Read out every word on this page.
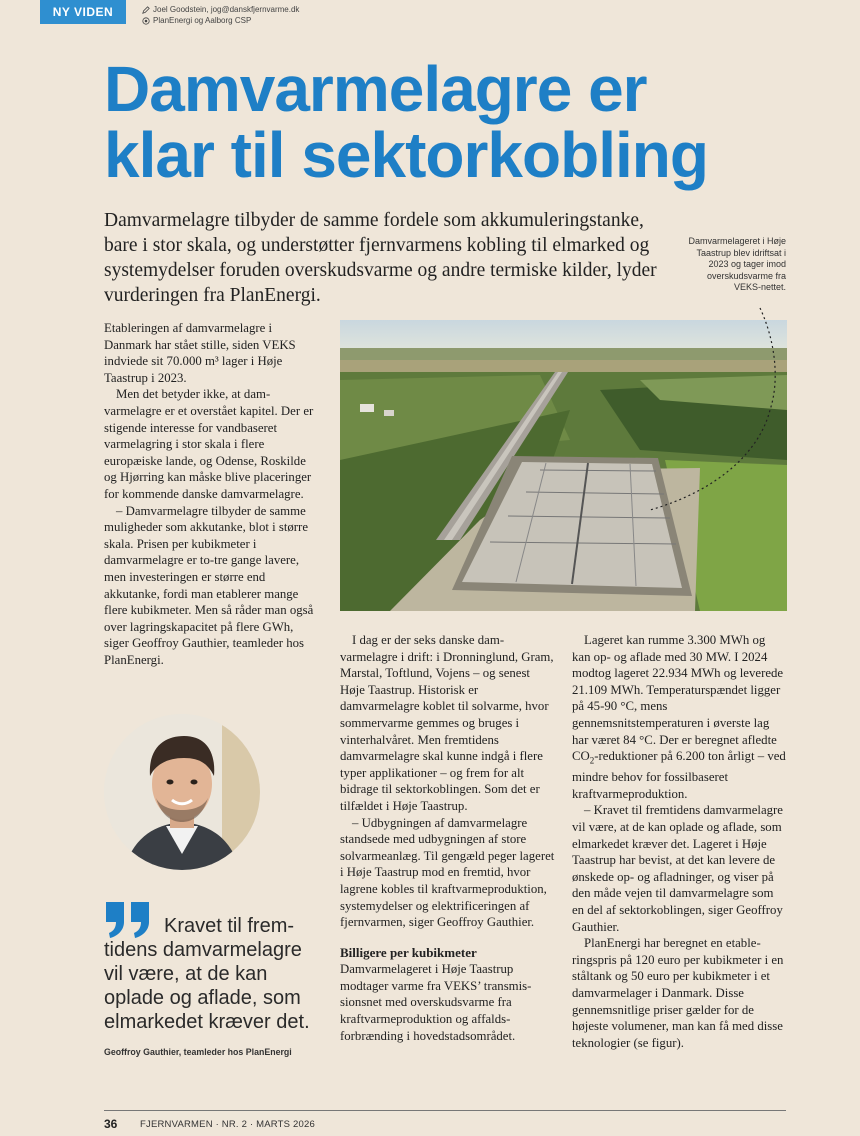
NY VIDEN	Joel Goodstein, jog@danskfjernvarme.dk
PlanEnergi og Aalborg CSP
Damvarmelagre er
klar til sektorkobling

Damvarmelagre tilbyder de samme fordele som akkumuleringstanke, bare i stor skala, og understøtter fjernvarmens kobling til elmarked og systemydelser foruden overskudsvarme og andre termiske kilder, lyder vurderingen fra PlanEnergi.

Damvarmelageret i Høje Taastrup blev idriftsat i 2023 og tager imod overskudsvarme fra VEKS-nettet.

Etableringen af damvarmelagre i Danmark har stået stille, siden VEKS indviede sit 70.000 m³ lager i Høje Taastrup i 2023.

Men det betyder ikke, at damvarmelagre er et overstået kapitel. Der er stigende interesse for vandbaseret varmelagring i stor skala i flere europæiske lande, og Odense, Roskilde og Hjørring kan måske blive placeringer for kommende danske damvarmelagre.

– Damvarmelagre tilbyder de samme muligheder som akkutanke, blot i større skala. Prisen per kubikmeter i damvarmelagre er to-tre gange lavere, men investeringen er større end akkutanke, fordi man etablerer mange flere kubikmeter. Men så råder man også over lagringskapacitet på flere GWh, siger Geoffroy Gauthier, teamleder hos PlanEnergi.

Kravet til frem- tidens damvarmelagre vil være, at de kan oplade og aflade, som elmarkedet kræver det.

Geoffroy Gauthier, teamleder hos PlanEnergi

I dag er der seks danske damvarmelagre i drift: i Dronninglund, Gram, Marstal, Toftlund, Vojens – og senest Høje Taastrup. Historisk er damvarmelagre koblet til solvarme, hvor sommervarme gemmes og bruges i vinterhalvåret. Men fremtidens damvarmelagre skal kunne indgå i flere typer applikationer – og frem for alt bidrage til sektorkoblingen. Som det er tilfældet i Høje Taastrup.

– Udbygningen af damvarmelagre standsede med udbygningen af store solvarmeanlæg. Til gengæld peger lageret i Høje Taastrup mod en fremtid, hvor lagrene kobles til kraftvarmeproduktion, systemydelser og elektrificeringen af fjernvarmen, siger Geoffroy Gauthier.

Billigere per kubikmeter

Damvarmelageret i Høje Taastrup modtager varme fra VEKS’ transmissionsnet med overskudsvarme fra kraftvarmeproduktion og affaldsforbrænding i hovedstadsområdet.

Lageret kan rumme 3.300 MWh og kan op- og aflade med 30 MW. I 2024 modtog lageret 22.934 MWh og leverede 21.109 MWh. Temperaturspændet ligger på 45-90 °C, mens gennemsnitstemperaturen i øverste lag har været 84 °C. Der er beregnet afledte $CO_2$-reduktioner på 6.200 ton årligt – ved mindre behov for fossilbaseret kraftvarmeproduktion.

– Kravet til fremtidens damvarmelagre vil være, at de kan oplade og aflade, som elmarkedet kræver det. Lageret i Høje Taastrup har bevist, at det kan levere de ønskede op- og afladninger, og viser på den måde vejen til damvarmelagre som en del af sektorkoblingen, siger Geoffroy Gauthier.

PlanEnergi har beregnet en etableringspris på 120 euro per kubikmeter i en ståltank og 50 euro per kubikmeter i et damvarmelager i Danmark. Disse gennemsnitlige priser gælder for de højeste volumener, man kan få med disse teknologier (se figur).

36 FJERNVARMEN · NR. 2 · MARTS 2026
